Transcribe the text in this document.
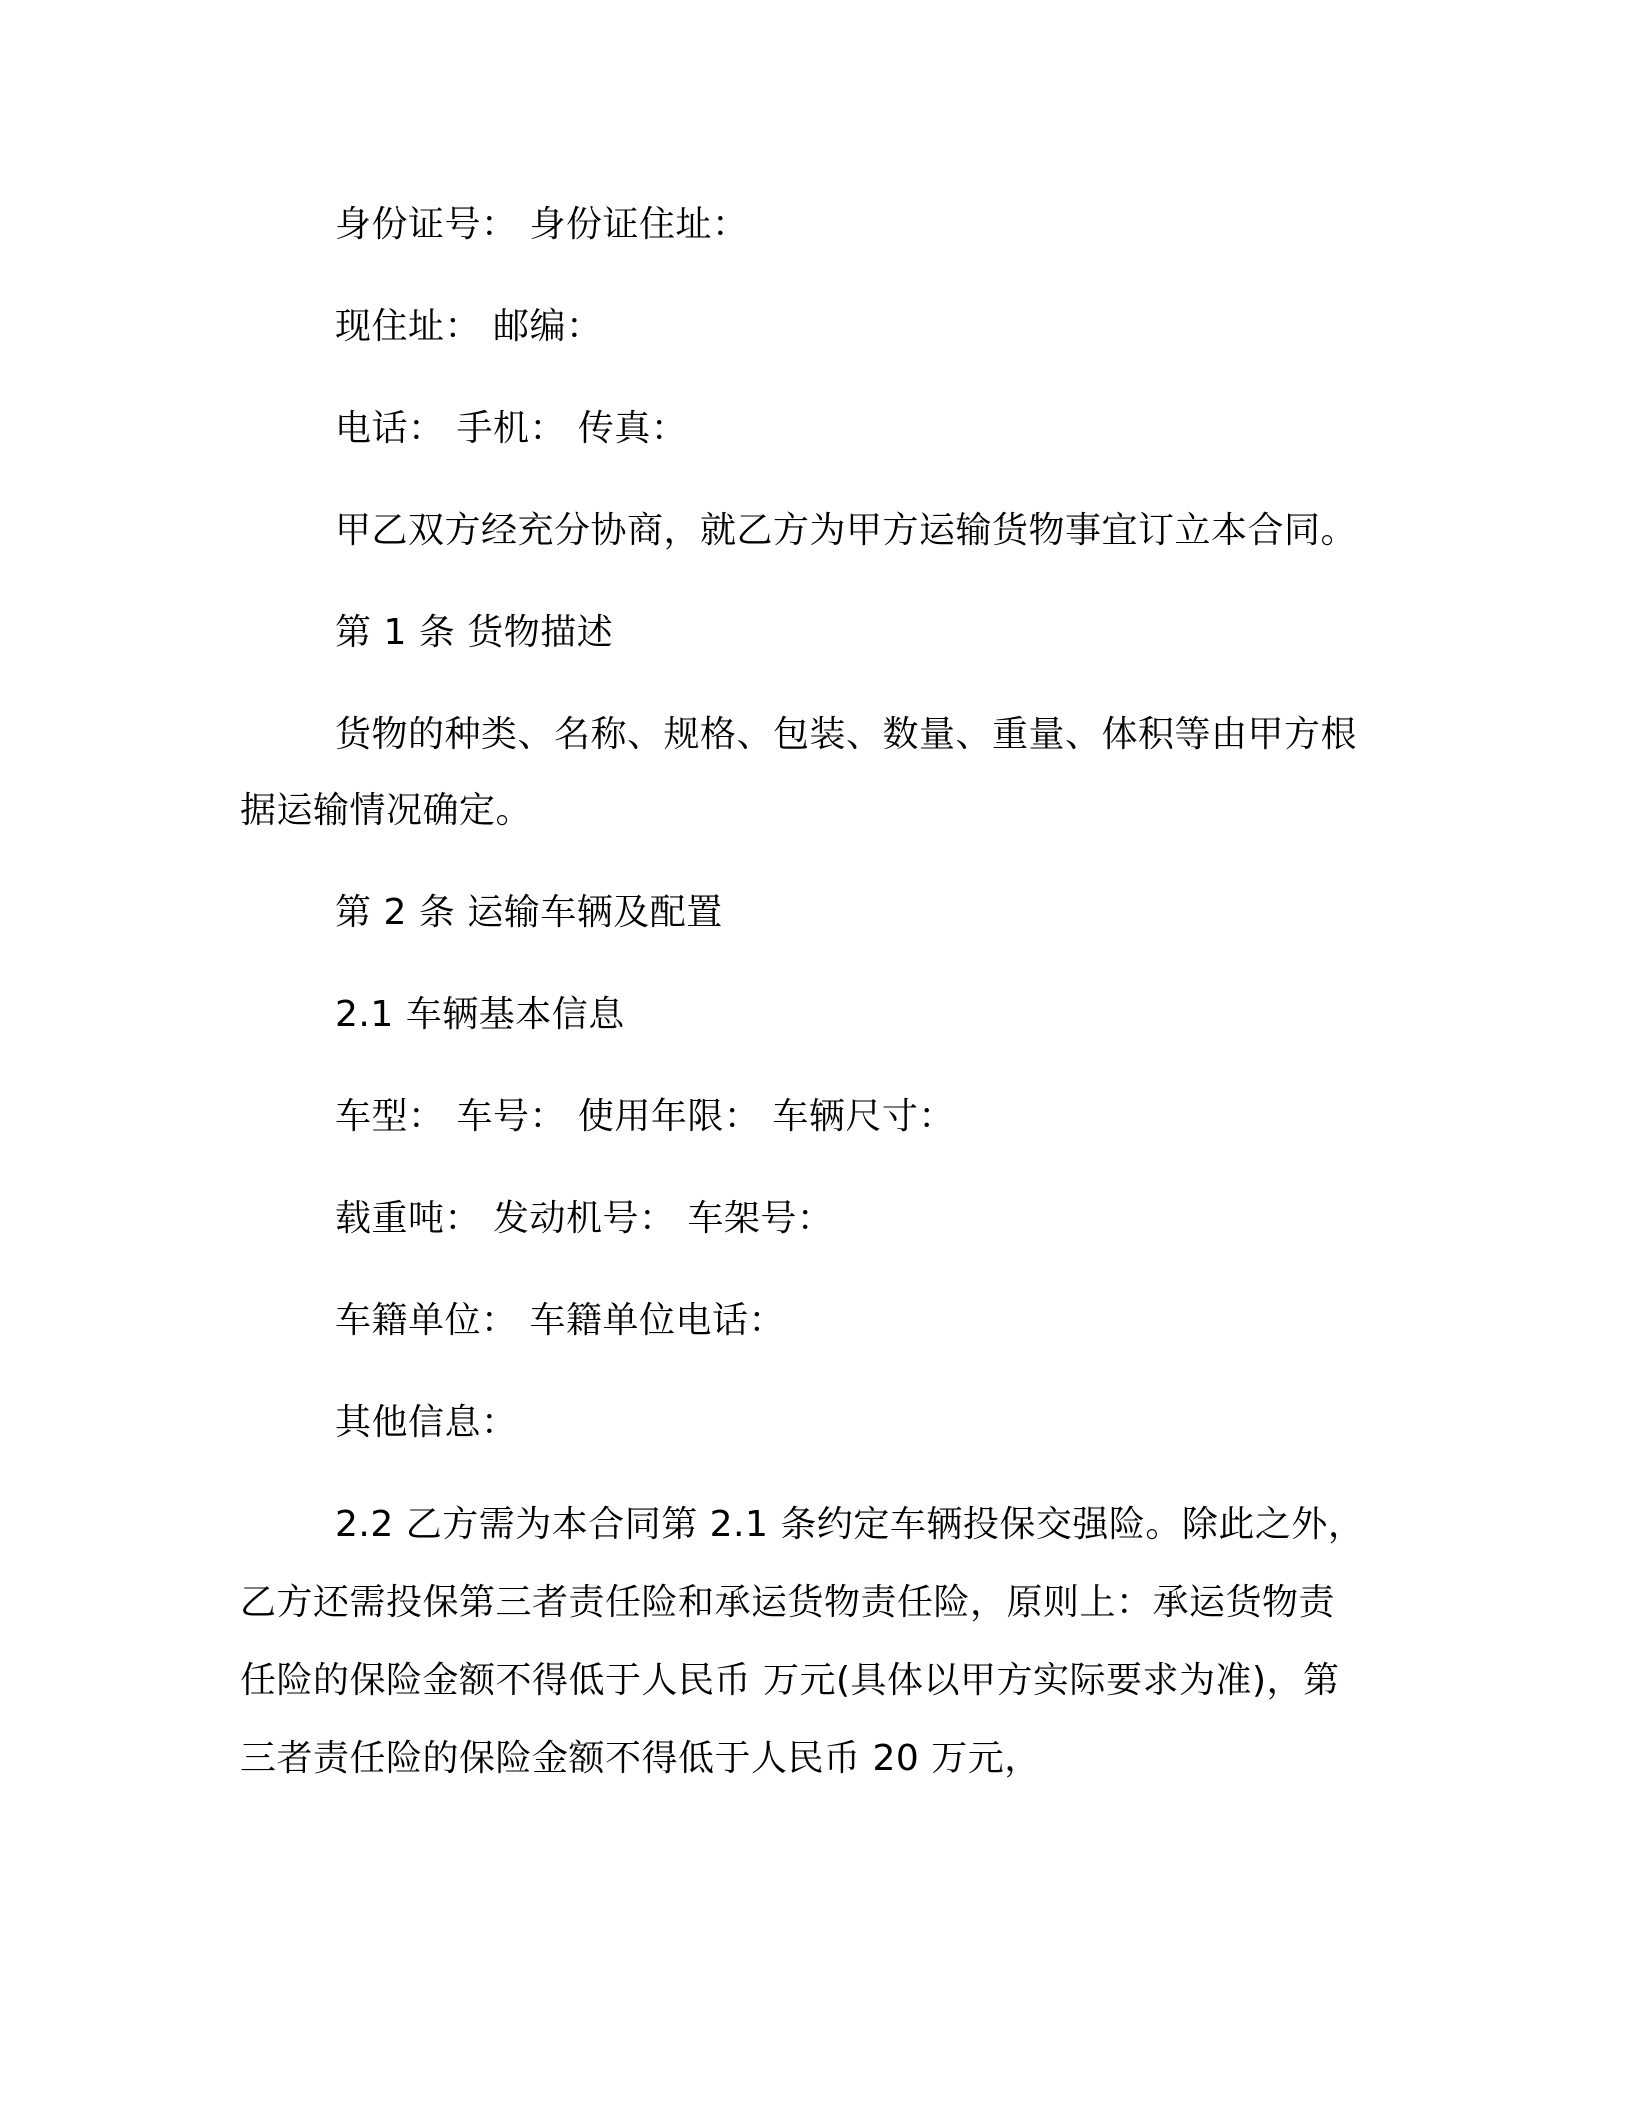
身份证号： 身份证住址：

现住址： 邮编：

电话： 手机： 传真：

甲乙双方经充分协商，就乙方为甲方运输货物事宜订立本合同。

第 1 条 货物描述

货物的种类、名称、规格、包装、数量、重量、体积等由甲方根

据运输情况确定。

第 2 条 运输车辆及配置

2.1 车辆基本信息

车型： 车号： 使用年限： 车辆尺寸：

载重吨： 发动机号： 车架号：

车籍单位： 车籍单位电话：

其他信息：

2.2 乙方需为本合同第 2.1 条约定车辆投保交强险。除此之外，

乙方还需投保第三者责任险和承运货物责任险，原则上：承运货物责

任险的保险金额不得低于人民币 万元(具体以甲方实际要求为准)，第

三者责任险的保险金额不得低于人民币 20 万元，
